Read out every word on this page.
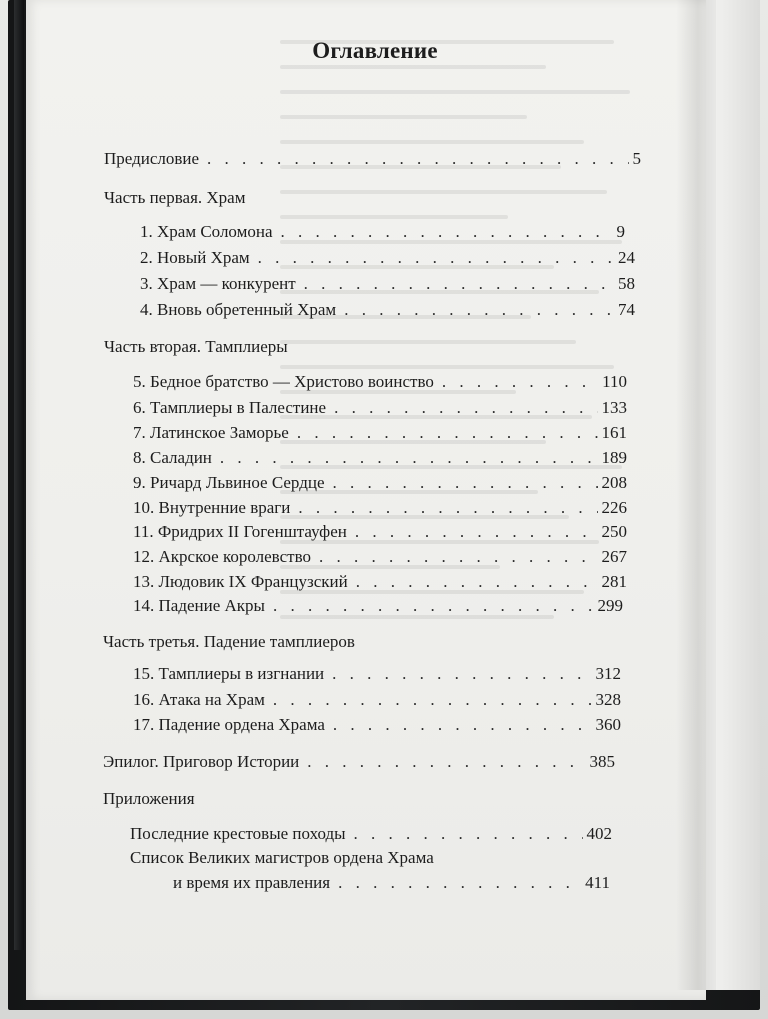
Оглавление
Предисловие . . .	5
Часть первая. Храм
1. Храм Соломона . . .	9
2. Новый Храм . . .	24
3. Храм — конкурент . . .	58
4. Вновь обретенный Храм . . .	74
Часть вторая. Тамплиеры
5. Бедное братство — Христово воинство . . .	110
6. Тамплиеры в Палестине . . .	133
7. Латинское Заморье . . .	161
8. Саладин . . .	189
9. Ричард Львиное Сердце . . .	208
10. Внутренние враги . . .	226
11. Фридрих II Гогенштауфен . . .	250
12. Акрское королевство . . .	267
13. Людовик IX Французский . . .	281
14. Падение Акры . . .	299
Часть третья. Падение тамплиеров
15. Тамплиеры в изгнании . . .	312
16. Атака на Храм . . .	328
17. Падение ордена Храма . . .	360
Эпилог. Приговор Истории . . .	385
Приложения
Последние крестовые походы . . .	402
Список Великих магистров ордена Храма
и время их правления . . .	411
